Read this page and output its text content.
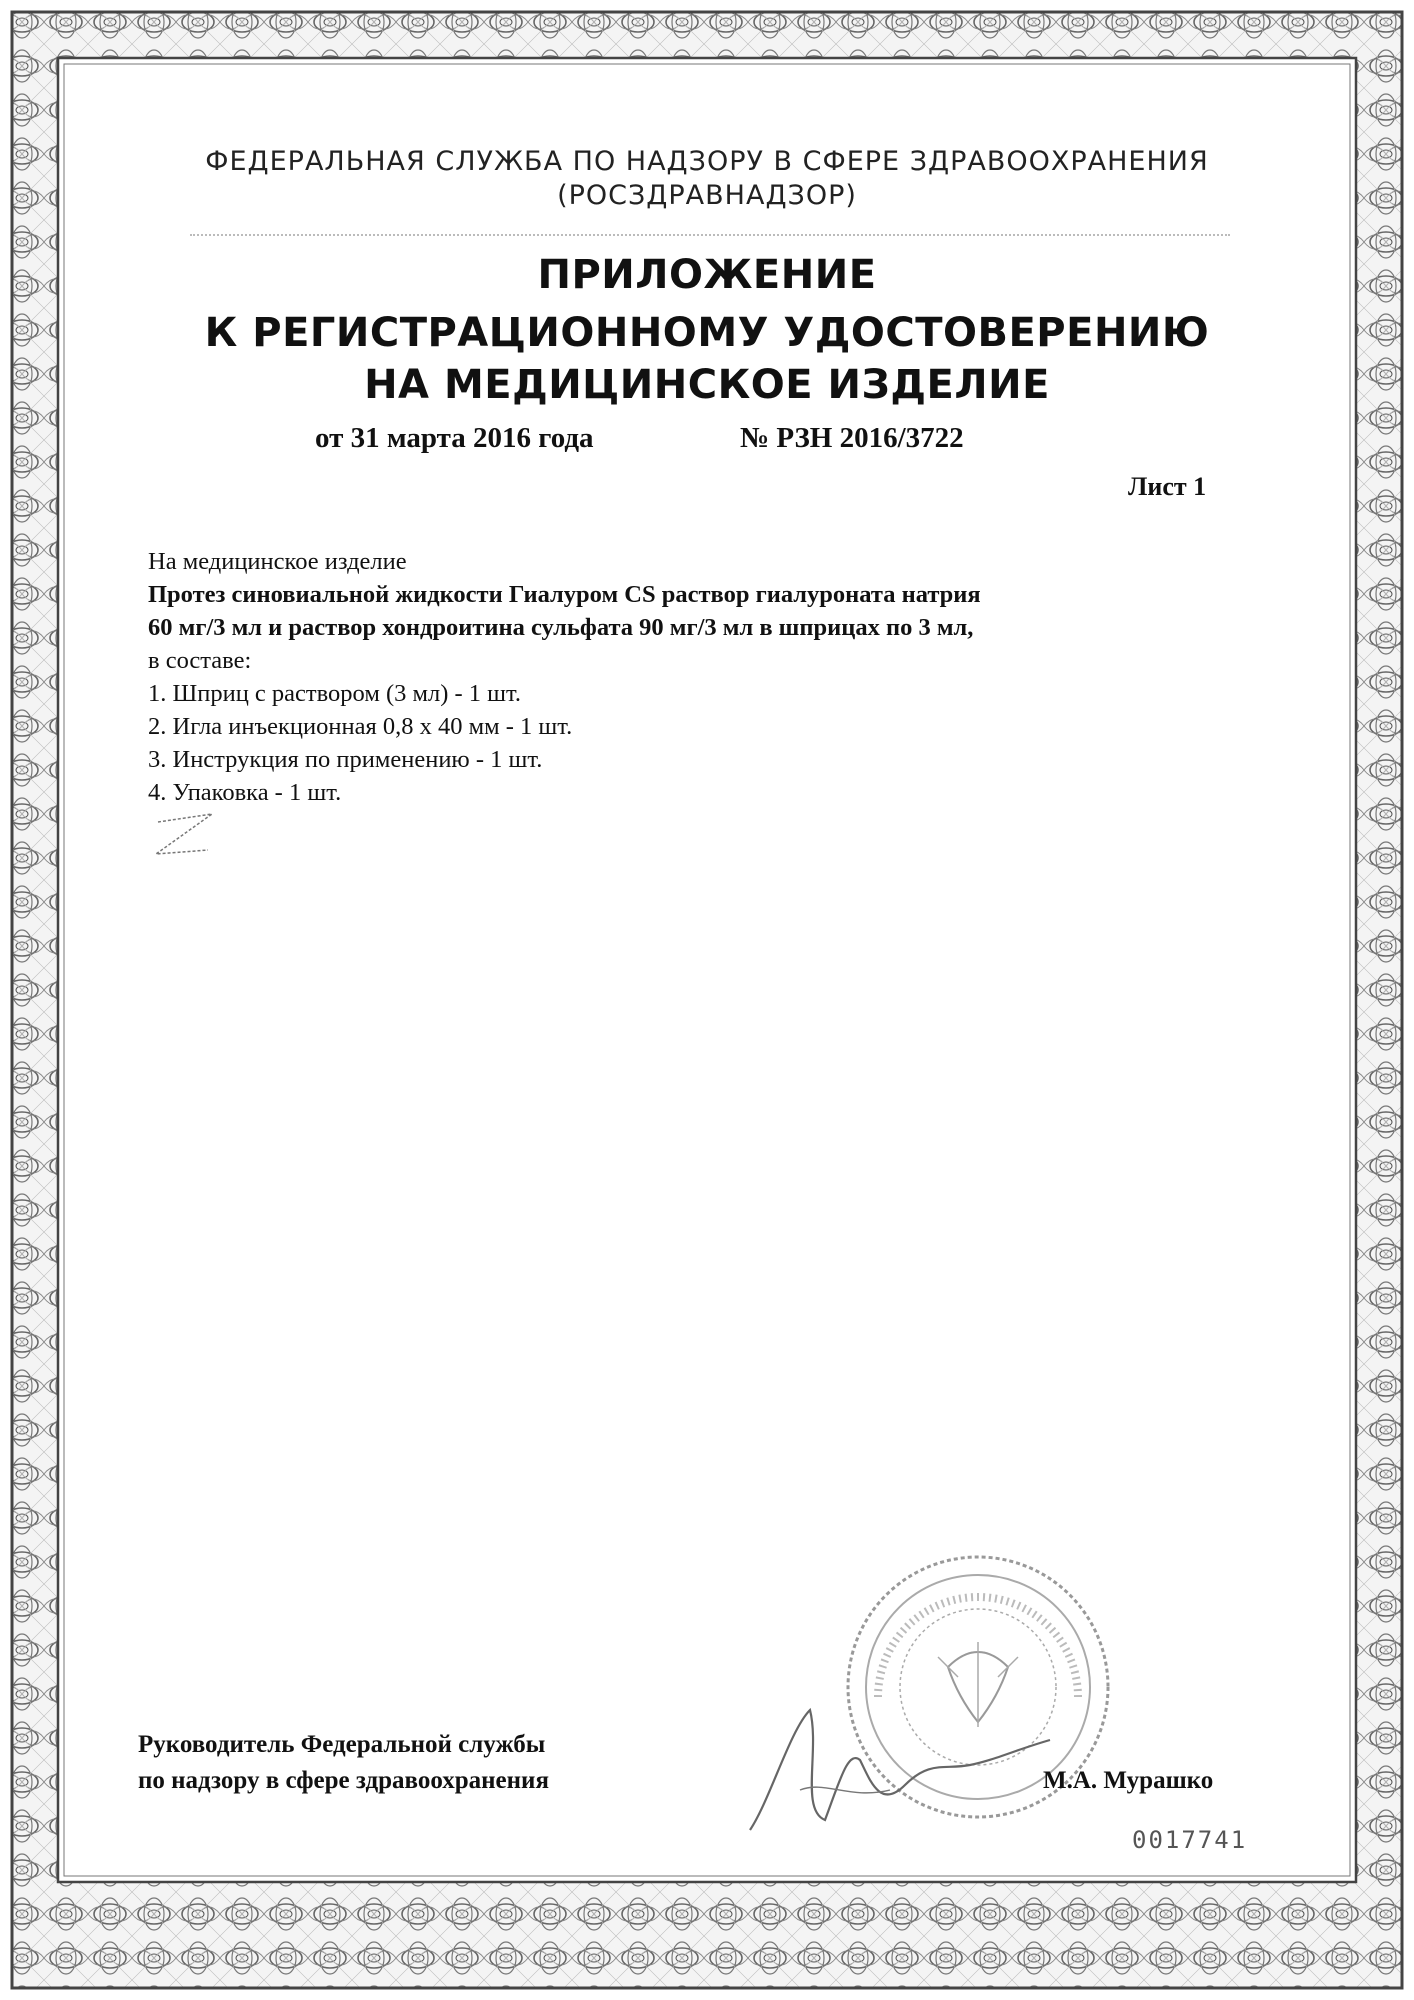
ФЕДЕРАЛЬНАЯ СЛУЖБА ПО НАДЗОРУ В СФЕРЕ ЗДРАВООХРАНЕНИЯ
(РОСЗДРАВНАДЗОР)
ПРИЛОЖЕНИЕ
К РЕГИСТРАЦИОННОМУ УДОСТОВЕРЕНИЮ
НА МЕДИЦИНСКОЕ ИЗДЕЛИЕ
от 31 марта 2016 года	№ РЗН 2016/3722
Лист 1
На медицинское изделие
Протез синовиальной жидкости Гиалуром CS раствор гиалуроната натрия
60 мг/3 мл и раствор хондроитина сульфата 90 мг/3 мл в шприцах по 3 мл,
в составе:
1. Шприц с раствором (3 мл) - 1 шт.
2. Игла инъекционная 0,8 х 40 мм - 1 шт.
3. Инструкция по применению - 1 шт.
4. Упаковка - 1 шт.
Руководитель Федеральной службы
по надзору в сфере здравоохранения	М.А. Мурашко
0017741
